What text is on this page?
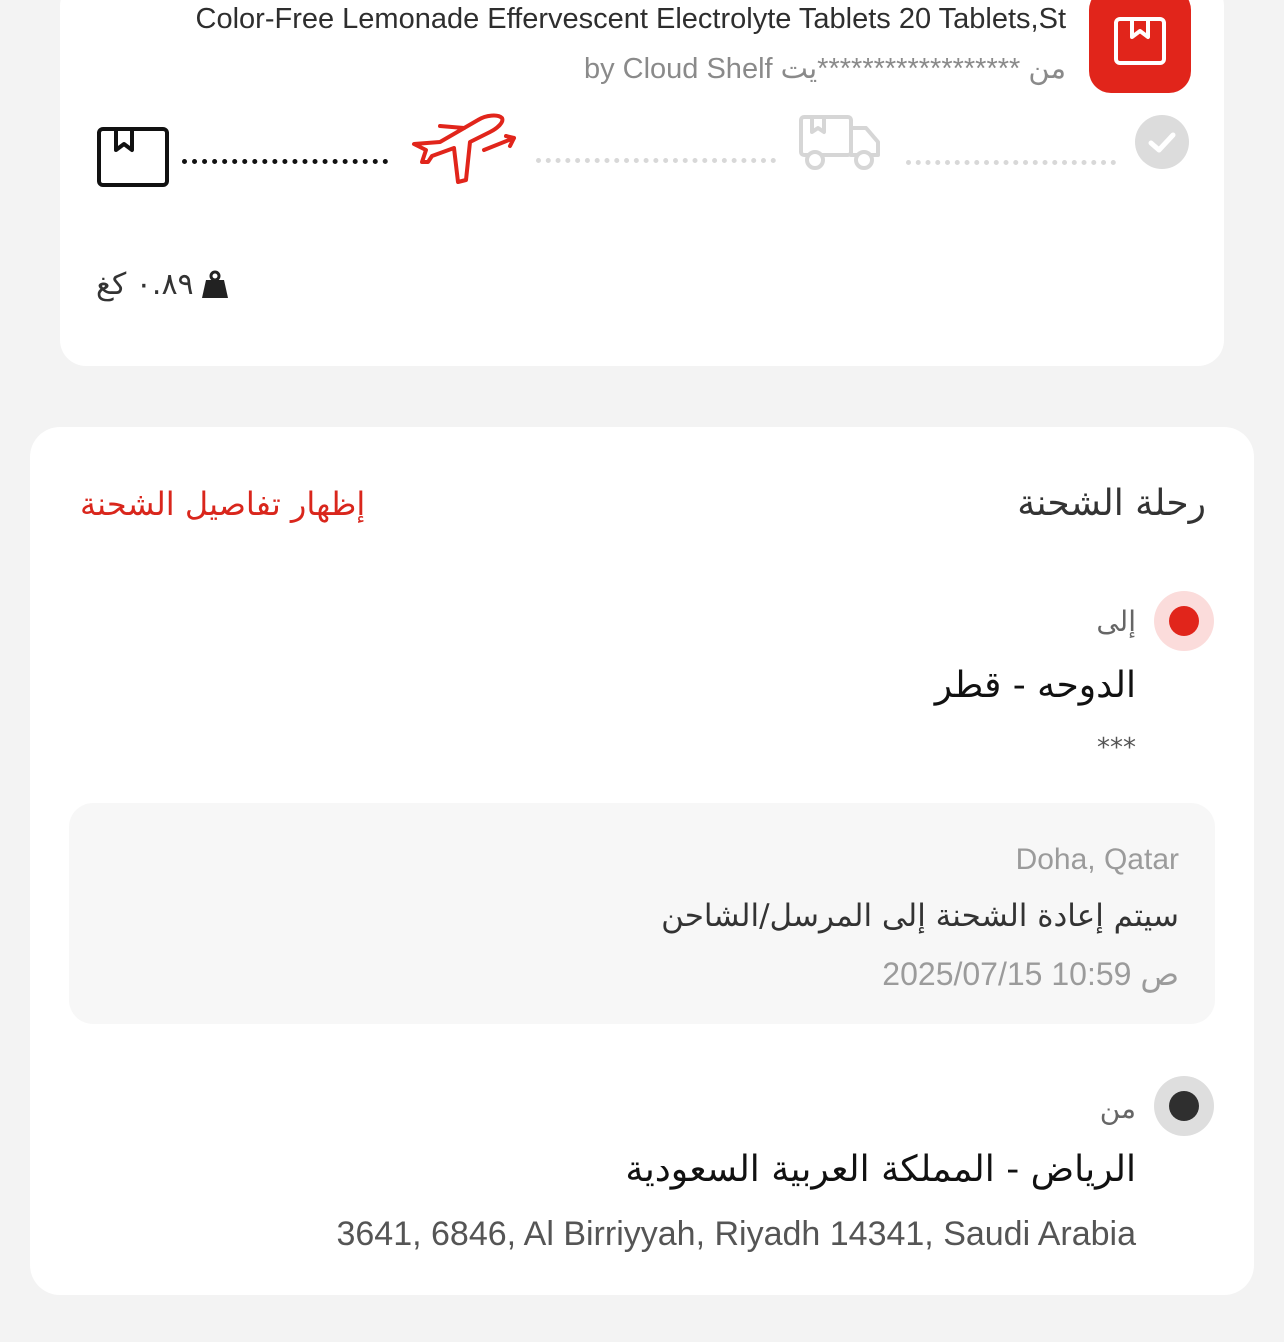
Color-Free Lemonade Effervescent Electrolyte Tablets 20 Tablets,St
من ******************يت by Cloud Shelf
٠.٨٩ كغ
رحلة الشحنة
إظهار تفاصيل الشحنة
إلى
الدوحه - قطر
***
Doha, Qatar
سيتم إعادة الشحنة إلى المرسل/الشاحن
ص 10:59 2025/07/15
من
الرياض - المملكة العربية السعودية
3641, 6846, Al Birriyyah, Riyadh 14341, Saudi Arabia
